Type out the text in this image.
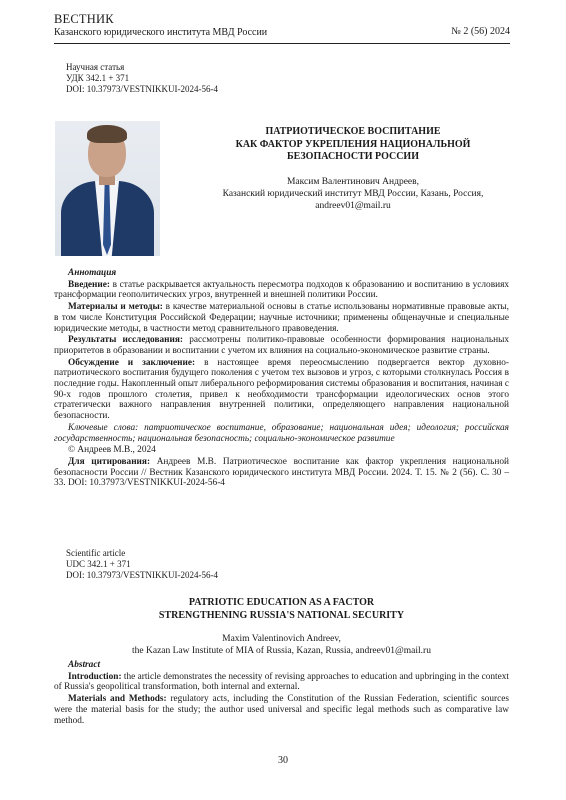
ВЕСТНИК
Казанского юридического института МВД России	№ 2 (56) 2024
Научная статья
УДК 342.1 + 371
DOI: 10.37973/VESTNIKKUI-2024-56-4
ПАТРИОТИЧЕСКОЕ ВОСПИТАНИЕ
КАК ФАКТОР УКРЕПЛЕНИЯ НАЦИОНАЛЬНОЙ
БЕЗОПАСНОСТИ РОССИИ
Максим Валентинович Андреев,
Казанский юридический институт МВД России, Казань, Россия,
andreev01@mail.ru

Аннотация

Введение: в статье раскрывается актуальность пересмотра подходов к образованию и воспитанию в условиях трансформации геополитических угроз, внутренней и внешней политики России.

Материалы и методы: в качестве материальной основы в статье использованы нормативные правовые акты, в том числе Конституция Российской Федерации; научные источники; применены общенаучные и специальные юридические методы, в частности метод сравнительного правоведения.

Результаты исследования: рассмотрены политико-правовые особенности формирования национальных приоритетов в образовании и воспитании с учетом их влияния на социально-экономическое развитие страны.

Обсуждение и заключение: в настоящее время переосмыслению подвергается вектор духовно-патриотического воспитания будущего поколения с учетом тех вызовов и угроз, с которыми столкнулась Россия в последние годы. Накопленный опыт либерального реформирования системы образования и воспитания, начиная с 90-х годов прошлого столетия, привел к необходимости трансформации идеологических основ этого стратегически важного направления внутренней политики, определяющего направления национальной безопасности.

Ключевые слова: патриотическое воспитание, образование; национальная идея; идеология; российская государственность; национальная безопасность; социально-экономическое развитие

© Андреев М.В., 2024

Для цитирования: Андреев М.В. Патриотическое воспитание как фактор укрепления национальной безопасности России // Вестник Казанского юридического института МВД России. 2024. Т. 15. № 2 (56). С. 30 – 33. DOI: 10.37973/VESTNIKKUI-2024-56-4

Scientific article
UDC 342.1 + 371
DOI: 10.37973/VESTNIKKUI-2024-56-4
PATRIOTIC EDUCATION AS A FACTOR
STRENGTHENING RUSSIA'S NATIONAL SECURITY
Maxim Valentinovich Andreev,
the Kazan Law Institute of MIA of Russia, Kazan, Russia, andreev01@mail.ru

Abstract

Introduction: the article demonstrates the necessity of revising approaches to education and upbringing in the context of Russia's geopolitical transformation, both internal and external.

Materials and Methods: regulatory acts, including the Constitution of the Russian Federation, scientific sources were the material basis for the study; the author used universal and specific legal methods such as comparative law method.

30
